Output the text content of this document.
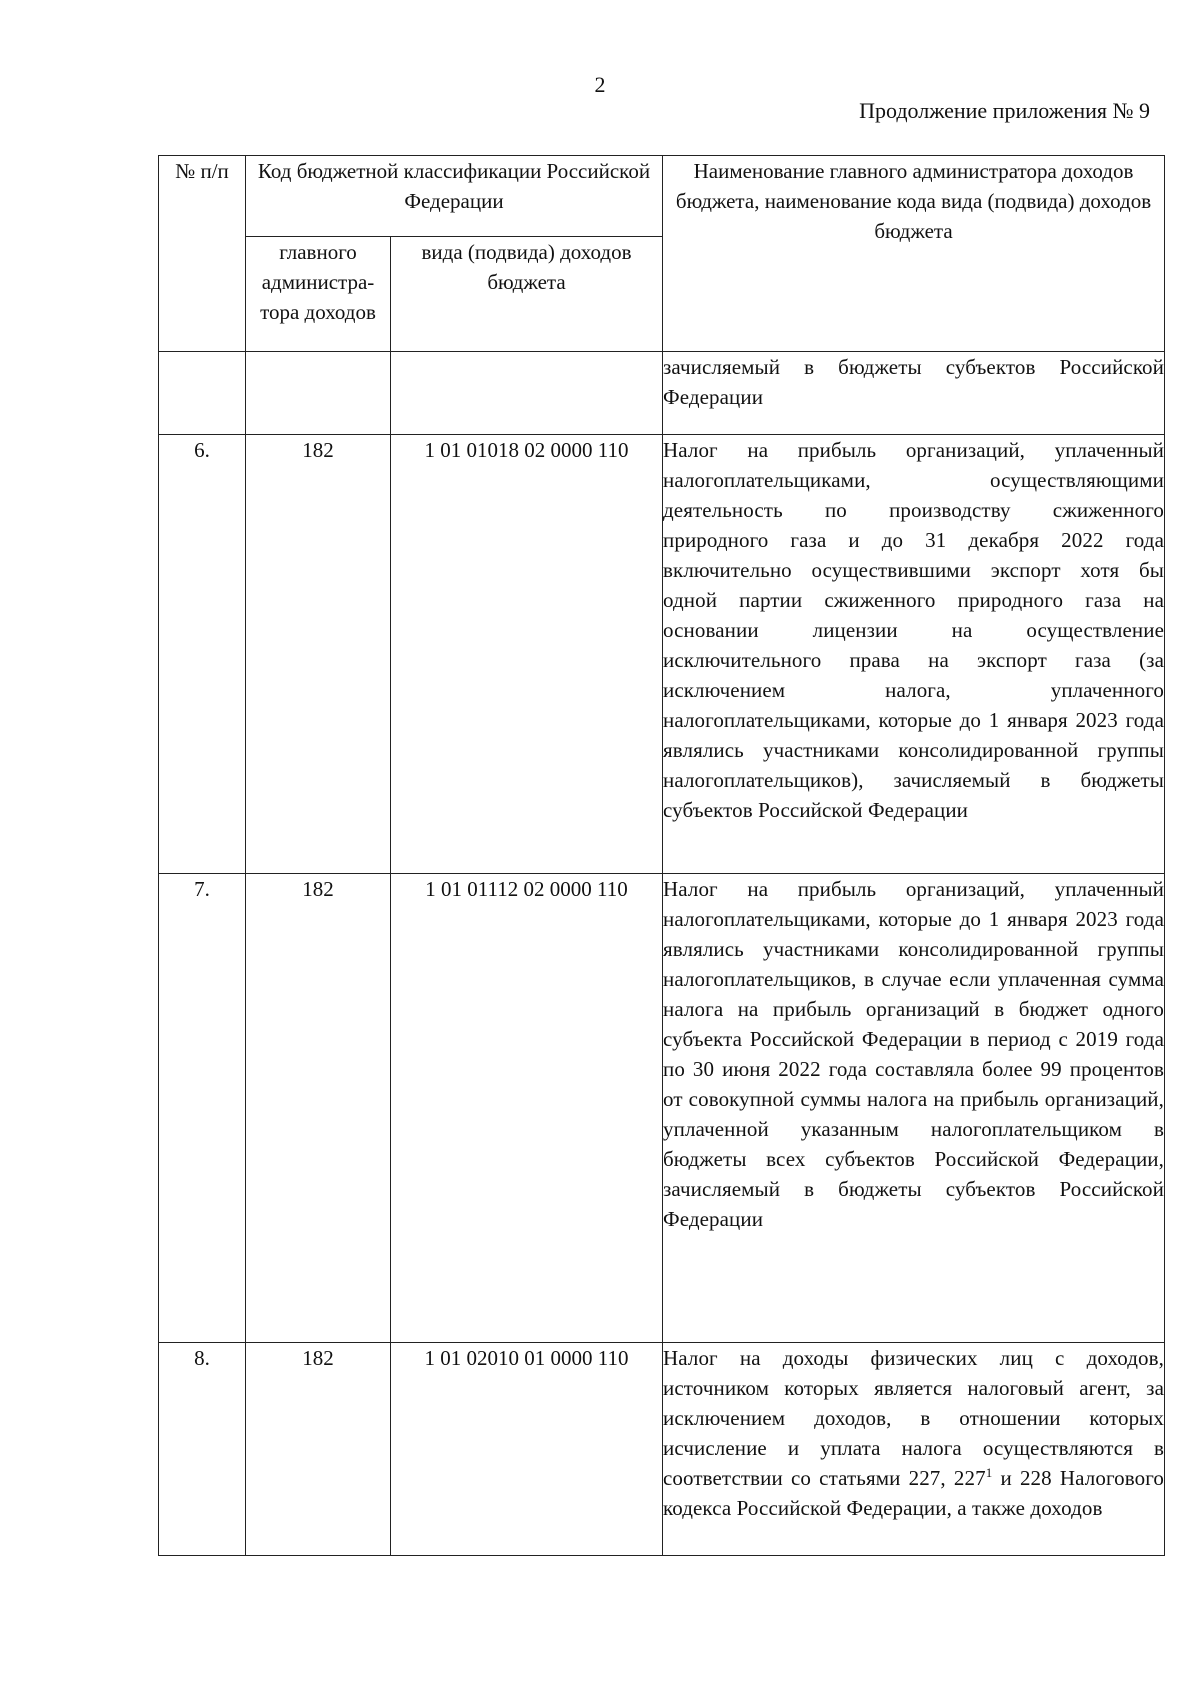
2
Продолжение приложения № 9
№ п/п	Код бюджетной классификации Российской Федерации		Наименование главного администратора доходов бюджета, наименование кода вида (подвида) доходов бюджета
	главного администра-тора доходов	вида (подвида) доходов бюджета	
			зачисляемый в бюджеты субъектов Российской Федерации
6.	182	1 01 01018 02 0000 110	Налог на прибыль организаций, уплаченный налогоплательщиками, осуществляющими деятельность по производству сжиженного природного газа и до 31 декабря 2022 года включительно осуществившими экспорт хотя бы одной партии сжиженного природного газа на основании лицензии на осуществление исключительного права на экспорт газа (за исключением налога, уплаченного налогоплательщиками, которые до 1 января 2023 года являлись участниками консолидированной группы налогоплательщиков), зачисляемый в бюджеты субъектов Российской Федерации
7.	182	1 01 01112 02 0000 110	Налог на прибыль организаций, уплаченный налогоплательщиками, которые до 1 января 2023 года являлись участниками консолидированной группы налогоплательщиков, в случае если уплаченная сумма налога на прибыль организаций в бюджет одного субъекта Российской Федерации в период с 2019 года по 30 июня 2022 года составляла более 99 процентов от совокупной суммы налога на прибыль организаций, уплаченной указанным налогоплательщиком в бюджеты всех субъектов Российской Федерации, зачисляемый в бюджеты субъектов Российской Федерации
8.	182	1 01 02010 01 0000 110	Налог на доходы физических лиц с доходов, источником которых является налоговый агент, за исключением доходов, в отношении которых исчисление и уплата налога осуществляются в соответствии со статьями 227, $227^1$ и 228 Налогового кодекса Российской Федерации, а также доходов
